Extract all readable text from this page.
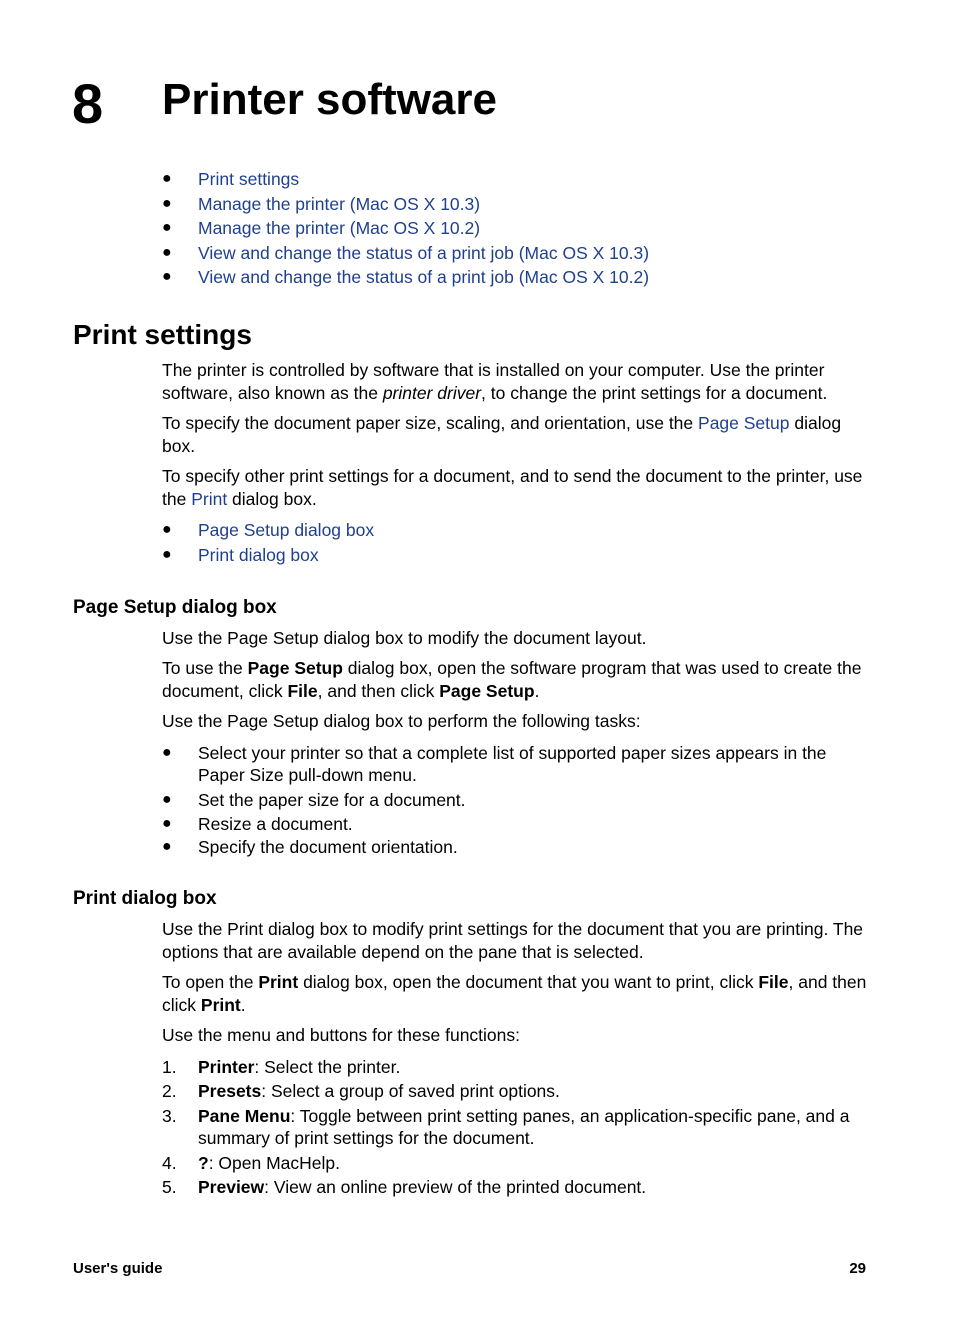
8 Printer software
● Print settings
● Manage the printer (Mac OS X 10.3)
● Manage the printer (Mac OS X 10.2)
● View and change the status of a print job (Mac OS X 10.3)
● View and change the status of a print job (Mac OS X 10.2)
Print settings

The printer is controlled by software that is installed on your computer. Use the printer software, also known as the printer driver, to change the print settings for a document.

To specify the document paper size, scaling, and orientation, use the Page Setup dialog box.

To specify other print settings for a document, and to send the document to the printer, use the Print dialog box.

● Page Setup dialog box
● Print dialog box
Page Setup dialog box

Use the Page Setup dialog box to modify the document layout.

To use the Page Setup dialog box, open the software program that was used to create the document, click File, and then click Page Setup.

Use the Page Setup dialog box to perform the following tasks:

● Select your printer so that a complete list of supported paper sizes appears in the Paper Size pull-down menu.
● Set the paper size for a document.
● Resize a document.
● Specify the document orientation.
Print dialog box

Use the Print dialog box to modify print settings for the document that you are printing. The options that are available depend on the pane that is selected.

To open the Print dialog box, open the document that you want to print, click File, and then click Print.

Use the menu and buttons for these functions:

1. Printer: Select the printer.
2. Presets: Select a group of saved print options.
3. Pane Menu: Toggle between print setting panes, an application-specific pane, and a summary of print settings for the document.
4. ?: Open MacHelp.
5. Preview: View an online preview of the printed document.
User's guide	29
